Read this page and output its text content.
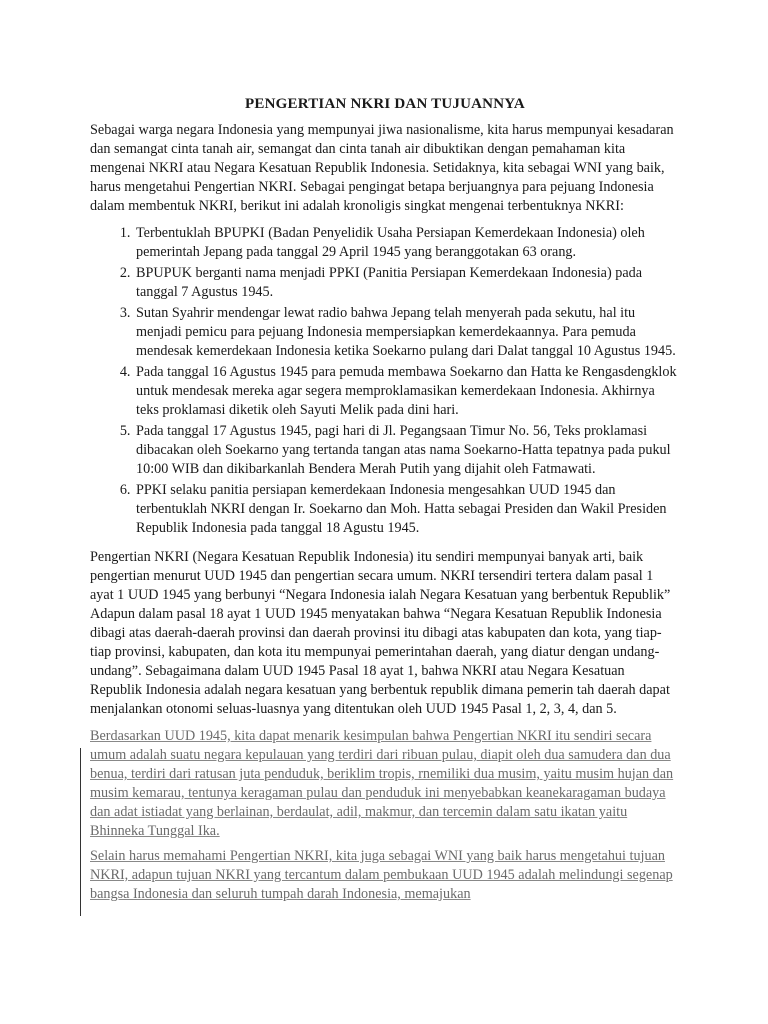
PENGERTIAN NKRI DAN TUJUANNYA

Sebagai warga negara Indonesia yang mempunyai jiwa nasionalisme, kita harus mempunyai kesadaran dan semangat cinta tanah air, semangat dan cinta tanah air dibuktikan dengan pemahaman kita mengenai NKRI atau Negara Kesatuan Republik Indonesia. Setidaknya, kita sebagai WNI yang baik, harus mengetahui Pengertian NKRI. Sebagai pengingat betapa berjuangnya para pejuang Indonesia dalam membentuk NKRI, berikut ini adalah kronoligis singkat mengenai terbentuknya NKRI:

1. Terbentuklah BPUPKI (Badan Penyelidik Usaha Persiapan Kemerdekaan Indonesia) oleh pemerintah Jepang pada tanggal 29 April 1945 yang beranggotakan 63 orang.
2. BPUPUK berganti nama menjadi PPKI (Panitia Persiapan Kemerdekaan Indonesia) pada tanggal 7 Agustus 1945.
3. Sutan Syahrir mendengar lewat radio bahwa Jepang telah menyerah pada sekutu, hal itu menjadi pemicu para pejuang Indonesia mempersiapkan kemerdekaannya. Para pemuda mendesak kemerdekaan Indonesia ketika Soekarno pulang dari Dalat tanggal 10 Agustus 1945.
4. Pada tanggal 16 Agustus 1945 para pemuda membawa Soekarno dan Hatta ke Rengasdengklok untuk mendesak mereka agar segera memproklamasikan kemerdekaan Indonesia. Akhirnya teks proklamasi diketik oleh Sayuti Melik pada dini hari.
5. Pada tanggal 17 Agustus 1945, pagi hari di Jl. Pegangsaan Timur No. 56, Teks proklamasi dibacakan oleh Soekarno yang tertanda tangan atas nama Soekarno-Hatta tepatnya pada pukul 10:00 WIB dan dikibarkanlah Bendera Merah Putih yang dijahit oleh Fatmawati.
6. PPKI selaku panitia persiapan kemerdekaan Indonesia mengesahkan UUD 1945 dan terbentuklah NKRI dengan Ir. Soekarno dan Moh. Hatta sebagai Presiden dan Wakil Presiden Republik Indonesia pada tanggal 18 Agustu 1945.

Pengertian NKRI (Negara Kesatuan Republik Indonesia) itu sendiri mempunyai banyak arti, baik pengertian menurut UUD 1945 dan pengertian secara umum. NKRI tersendiri tertera dalam pasal 1 ayat 1 UUD 1945 yang berbunyi “Negara Indonesia ialah Negara Kesatuan yang berbentuk Republik” Adapun dalam pasal 18 ayat 1 UUD 1945 menyatakan bahwa “Negara Kesatuan Republik Indonesia dibagi atas daerah-daerah provinsi dan daerah provinsi itu dibagi atas kabupaten dan kota, yang tiap-tiap provinsi, kabupaten, dan kota itu mempunyai pemerintahan daerah, yang diatur dengan undang-undang”. Sebagaimana dalam UUD 1945 Pasal 18 ayat 1, bahwa NKRI atau Negara Kesatuan Republik Indonesia adalah negara kesatuan yang berbentuk republik dimana pemerin tah daerah dapat menjalankan otonomi seluas-luasnya yang ditentukan oleh UUD 1945 Pasal 1, 2, 3, 4, dan 5.

Berdasarkan UUD 1945, kita dapat menarik kesimpulan bahwa Pengertian NKRI itu sendiri secara umum adalah suatu negara kepulauan yang terdiri dari ribuan pulau, diapit oleh dua samudera dan dua benua, terdiri dari ratusan juta penduduk, beriklim tropis, rnemiliki dua musim, yaitu musim hujan dan musim kemarau, tentunya keragaman pulau dan penduduk ini menyebabkan keanekaragaman budaya dan adat istiadat yang berlainan, berdaulat, adil, makmur, dan tercemin dalam satu ikatan yaitu Bhinneka Tunggal Ika.

Selain harus memahami Pengertian NKRI, kita juga sebagai WNI yang baik harus mengetahui tujuan NKRI, adapun tujuan NKRI yang tercantum dalam pembukaan UUD 1945 adalah melindungi segenap bangsa Indonesia dan seluruh tumpah darah Indonesia, memajukan
